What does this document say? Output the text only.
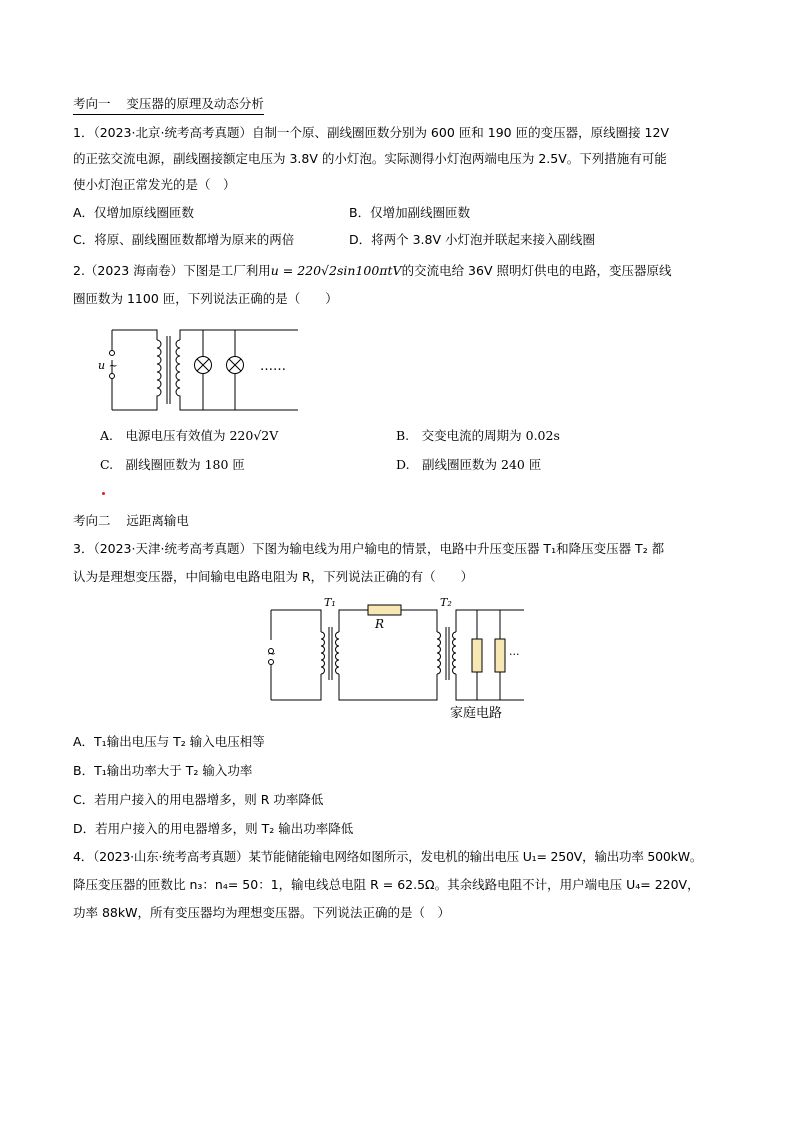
考向一 变压器的原理及动态分析
1．（2023·北京·统考高考真题）自制一个原、副线圈匝数分别为 600 匝和 190 匝的变压器，原线圈接 12V
的正弦交流电源，副线圈接额定电压为 3.8V 的小灯泡。实际测得小灯泡两端电压为 2.5V。下列措施有可能
使小灯泡正常发光的是（　）
A．仅增加原线圈匝数	B．仅增加副线圈匝数
C．将原、副线圈匝数都增为原来的两倍	D．将两个 3.8V 小灯泡并联起来接入副线圈
2.（2023 海南卷）下图是工厂利用u = 220√2sin100πtV的交流电给 36V 照明灯供电的电路，变压器原线
圈匝数为 1100 匝，下列说法正确的是（　　）
u ~	……
A.　电源电压有效值为 220√2V	B.　交变电流的周期为 0.02s
C.　副线圈匝数为 180 匝	D.　副线圈匝数为 240 匝
考向二 远距离输电
3．（2023·天津·统考高考真题）下图为输电线为用户输电的情景，电路中升压变压器 T₁和降压变压器 T₂ 都
认为是理想变压器，中间输电电路电阻为 R，下列说法正确的有（　　）
T₁	T₂
R
~	···
家庭电路
A．T₁输出电压与 T₂ 输入电压相等
B．T₁输出功率大于 T₂ 输入功率
C．若用户接入的用电器增多，则 R 功率降低
D．若用户接入的用电器增多，则 T₂ 输出功率降低
4．（2023·山东·统考高考真题）某节能储能输电网络如图所示，发电机的输出电压 U₁= 250V，输出功率 500kW。
降压变压器的匝数比 n₃：n₄= 50：1，输电线总电阻 R = 62.5Ω。其余线路电阻不计，用户端电压 U₄= 220V，
功率 88kW，所有变压器均为理想变压器。下列说法正确的是（　）
